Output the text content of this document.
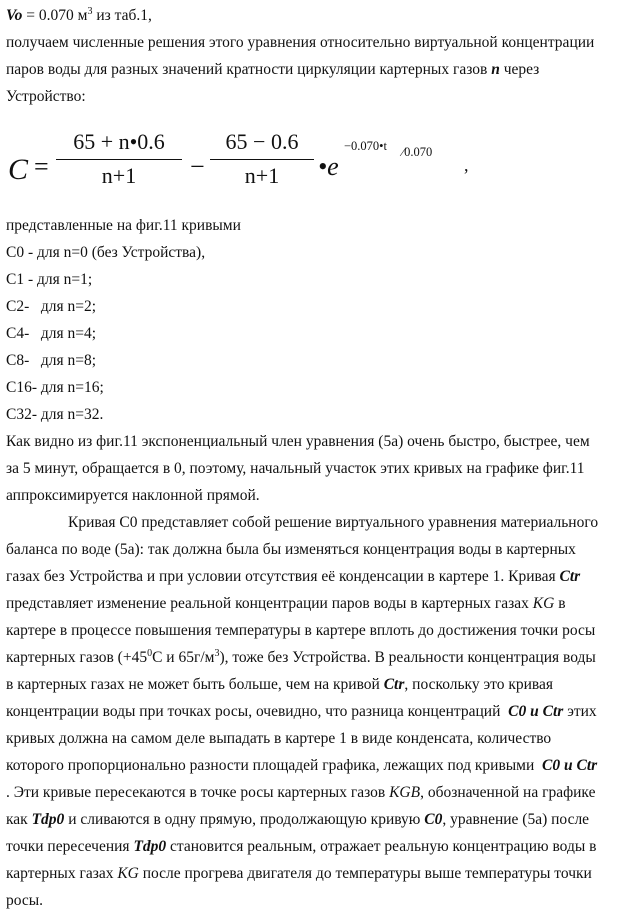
Vo = 0.070 $м^3$ из таб.1,
получаем численные решения этого уравнения относительно виртуальной концентрации
паров воды для разных значений кратности циркуляции картерных газов n через
Устройство:
C =
65 + n•0.6
n+1	−
65 − 0.6
n+1	•e
−0.070•t ⁄0.070
,
представленные на фиг.11 кривыми
C0 - для n=0 (без Устройства),
C1 - для n=1;
C2-   для n=2;
C4-   для n=4;
C8-   для n=8;
C16- для n=16;
C32- для n=32.
Как видно из фиг.11 экспоненциальный член уравнения (5а) очень быстро, быстрее, чем
за 5 минут, обращается в 0, поэтому, начальный участок этих кривых на графике фиг.11
аппроксимируется наклонной прямой.
Кривая C0 представляет собой решение виртуального уравнения материального
баланса по воде (5а): так должна была бы изменяться концентрация воды в картерных
газах без Устройства и при условии отсутствия её конденсации в картере 1. Кривая Ctr
представляет изменение реальной концентрации паров воды в картерных газах KG в
картере в процессе повышения температуры в картере вплоть до достижения точки росы
картерных газов ($+45^0C$ и $65г/м^3$), тоже без Устройства. В реальности концентрация воды
в картерных газах не может быть больше, чем на кривой Ctr, поскольку это кривая
концентрации воды при точках росы, очевидно, что разница концентраций  C0 и Ctr этих
кривых должна на самом деле выпадать в картере 1 в виде конденсата, количество
которого пропорционально разности площадей графика, лежащих под кривыми  C0 и Ctr
. Эти кривые пересекаются в точке росы картерных газов KGB, обозначенной на графике
как Tdp0 и сливаются в одну прямую, продолжающую кривую C0, уравнение (5а) после
точки пересечения Tdp0 становится реальным, отражает реальную концентрацию воды в
картерных газах KG после прогрева двигателя до температуры выше температуры точки
росы.
